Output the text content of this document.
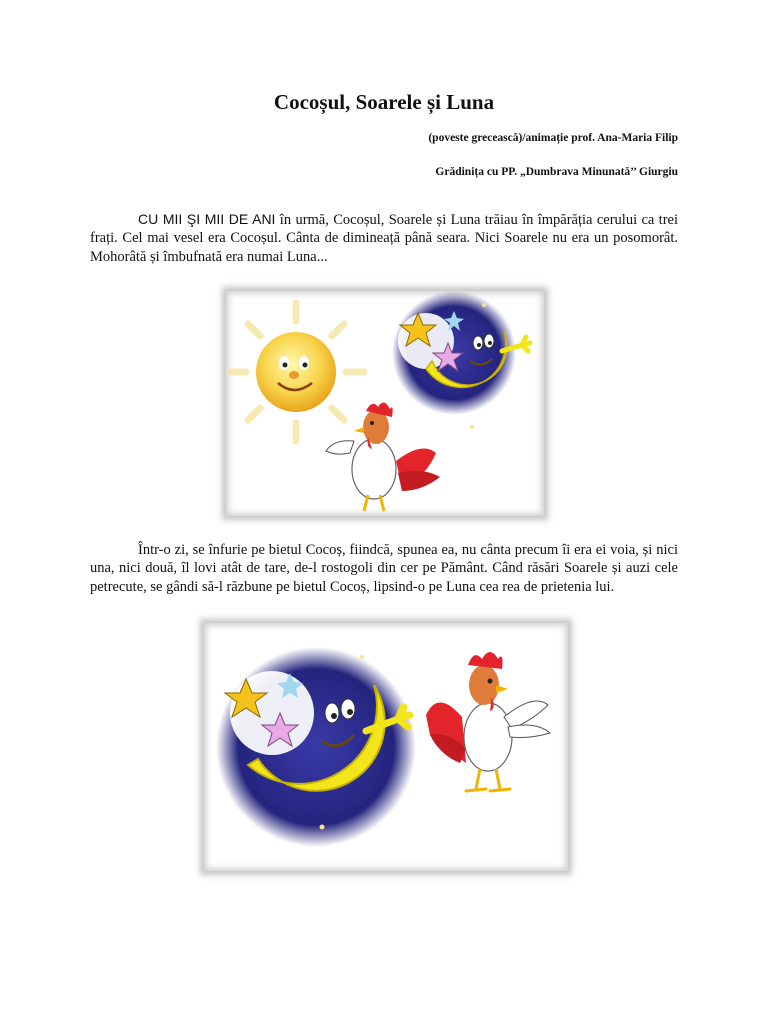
Cocoșul, Soarele și Luna
(poveste grecească)/animație prof. Ana-Maria Filip
Grădinița cu PP. „Dumbrava Minunată’’ Giurgiu

CU MII ŞI MII DE ANI în urmă, Cocoșul, Soarele și Luna trăiau în împărăția cerului ca trei frați. Cel mai vesel era Cocoșul. Cânta de dimineață până seara. Nici Soarele nu era un posomorât. Mohorâtă și îmbufnată era numai Luna...

Într-o zi, se înfurie pe bietul Cocoș, fiindcă, spunea ea, nu cânta precum îi era ei voia, și nici una, nici două, îl lovi atât de tare, de-l rostogoli din cer pe Pământ. Când răsări Soarele și auzi cele petrecute, se gândi să-l răzbune pe bietul Cocoș, lipsind-o pe Luna cea rea de prietenia lui.
